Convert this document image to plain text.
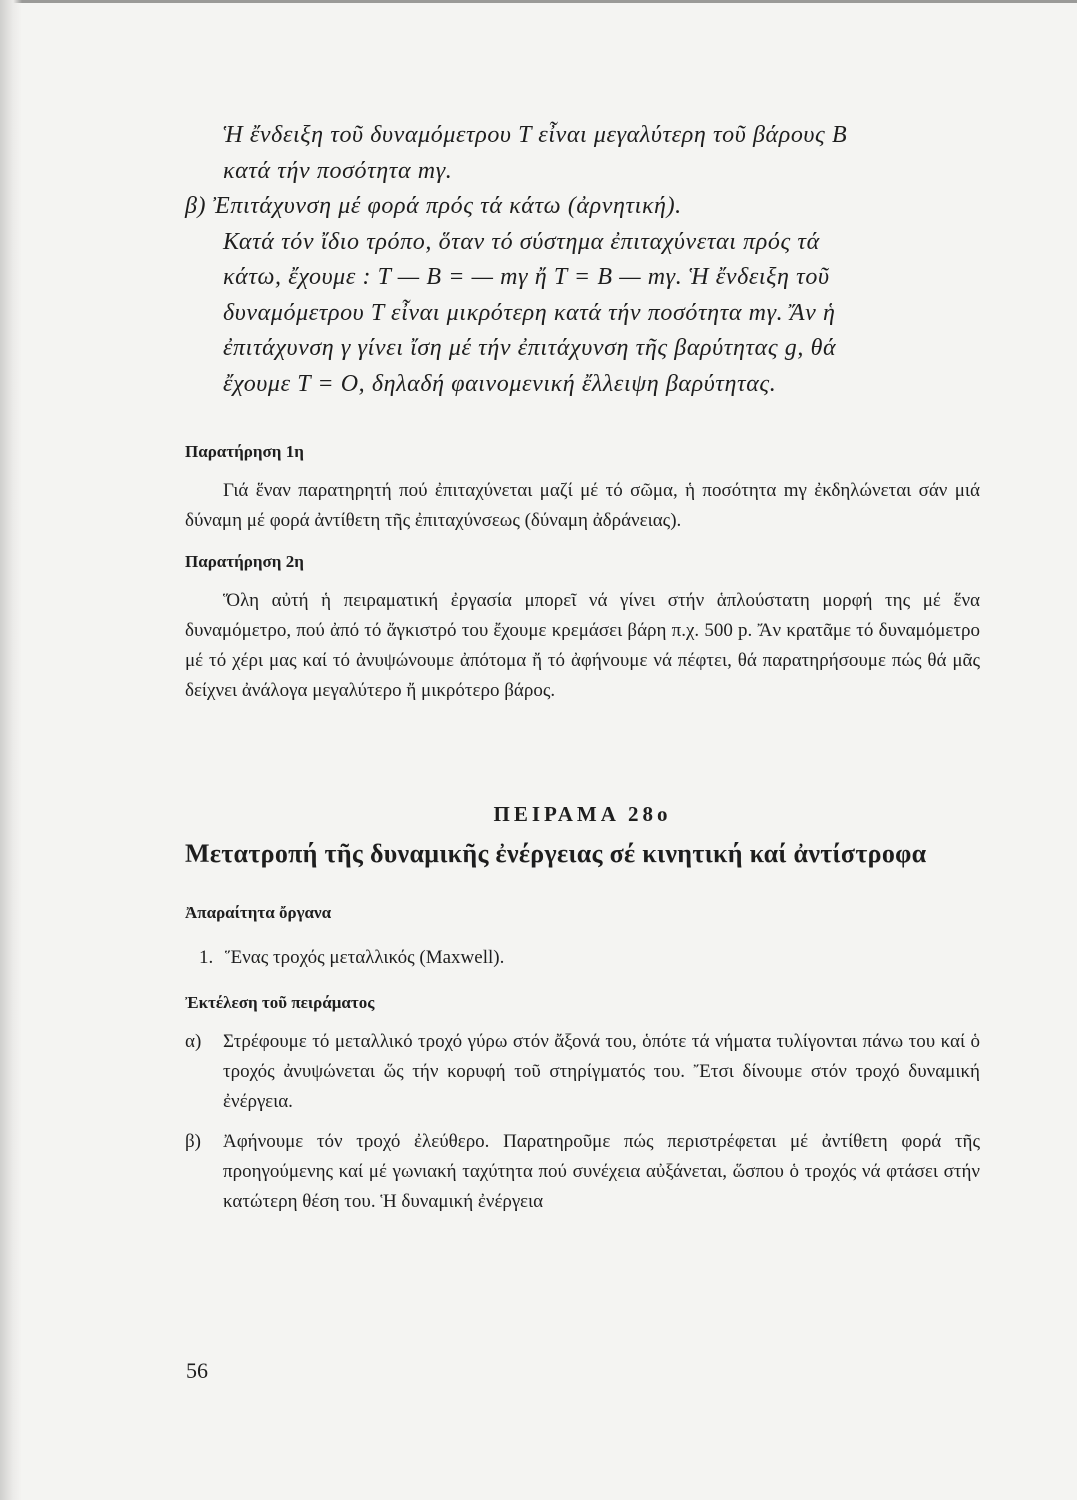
Ἡ ἔνδειξη τοῦ δυναμόμετρου T εἶναι μεγαλύτερη τοῦ βάρους B

κατά τήν ποσότητα mγ.

β) Ἐπιτάχυνση μέ φορά πρός τά κάτω (ἀρνητική).

Κατά τόν ἴδιο τρόπο, ὅταν τό σύστημα ἐπιταχύνεται πρός τά

κάτω, ἔχουμε : T — B = — mγ ἤ T = B — mγ. Ἡ ἔνδειξη τοῦ

δυναμόμετρου T εἶναι μικρότερη κατά τήν ποσότητα mγ. Ἄν ἡ

ἐπιτάχυνση γ γίνει ἴση μέ τήν ἐπιτάχυνση τῆς βαρύτητας g, θά

ἔχουμε T = O, δηλαδή φαινομενική ἔλλειψη βαρύτητας.

Παρατήρηση 1η

Γιά ἕναν παρατηρητή πού ἐπιταχύνεται μαζί μέ τό σῶμα, ἡ ποσότητα mγ ἐκδηλώνεται σάν μιά δύναμη μέ φορά ἀντίθετη τῆς ἐπιταχύνσεως (δύναμη ἀδράνειας).

Παρατήρηση 2η

Ὅλη αὐτή ἡ πειραματική ἐργασία μπορεῖ νά γίνει στήν ἁπλούστατη μορφή της μέ ἕνα δυναμόμετρο, πού ἀπό τό ἄγκιστρό του ἔχουμε κρεμάσει βάρη π.χ. 500 p. Ἄν κρατᾶμε τό δυναμόμετρο μέ τό χέρι μας καί τό ἀνυψώνουμε ἀπότομα ἤ τό ἀφήνουμε νά πέφτει, θά παρατηρήσουμε πώς θά μᾶς δείχνει ἀνάλογα μεγαλύτερο ἤ μικρότερο βάρος.

ΠΕΙΡΑΜΑ 28ο

Μετατροπή τῆς δυναμικῆς ἐνέργειας σέ κινητική καί ἀντίστροφα

Ἀπαραίτητα ὄργανα

1. Ἕνας τροχός μεταλλικός (Maxwell).

Ἐκτέλεση τοῦ πειράματος

α)	Στρέφουμε τό μεταλλικό τροχό γύρω στόν ἄξονά του, ὁπότε τά νήματα τυλίγονται πάνω του καί ὁ τροχός ἀνυψώνεται ὥς τήν κορυφή τοῦ στηρίγματός του. Ἔτσι δίνουμε στόν τροχό δυναμική ἐνέργεια.
β)	Ἀφήνουμε τόν τροχό ἐλεύθερο. Παρατηροῦμε πώς περιστρέφεται μέ ἀντίθετη φορά τῆς προηγούμενης καί μέ γωνιακή ταχύτητα πού συνέχεια αὐξάνεται, ὥσπου ὁ τροχός νά φτάσει στήν κατώτερη θέση του. Ἡ δυναμική ἐνέργεια
56
